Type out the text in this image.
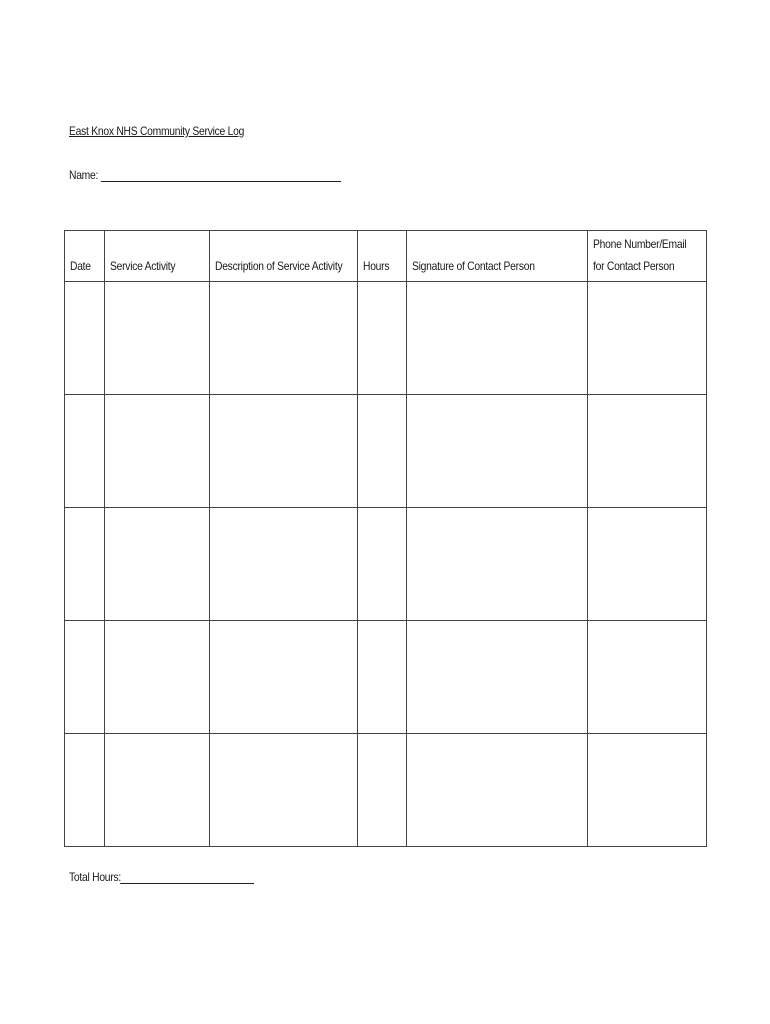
East Knox NHS Community Service Log
Name:
Date	Service Activity	Description of Service Activity	Hours	Signature of Contact Person	Phone Number/Email for Contact Person

Total Hours:
